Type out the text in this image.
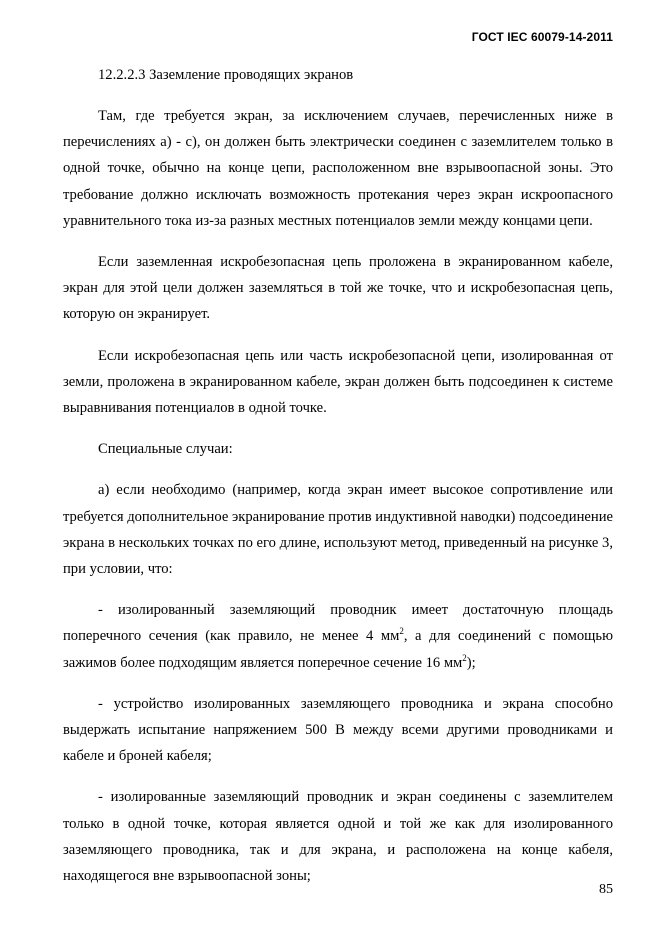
ГОСТ IEC 60079-14-2011

12.2.2.3 Заземление проводящих экранов

Там, где требуется экран, за исключением случаев, перечисленных ниже в перечислениях а) - с), он должен быть электрически соединен с заземлителем только в одной точке, обычно на конце цепи, расположенном вне взрывоопасной зоны. Это требование должно исключать возможность протекания через экран искроопасного уравнительного тока из-за разных местных потенциалов земли между концами цепи.

Если заземленная искробезопасная цепь проложена в экранированном кабеле, экран для этой цели должен заземляться в той же точке, что и искробезопасная цепь, которую он экранирует.

Если искробезопасная цепь или часть искробезопасной цепи, изолированная от земли, проложена в экранированном кабеле, экран должен быть подсоединен к системе выравнивания потенциалов в одной точке.

Специальные случаи:

а) если необходимо (например, когда экран имеет высокое сопротивление или требуется дополнительное экранирование против индуктивной наводки) подсоединение экрана в нескольких точках по его длине, используют метод, приведенный на рисунке 3, при условии, что:

- изолированный заземляющий проводник имеет достаточную площадь поперечного сечения (как правило, не менее 4 $мм^2$, а для соединений с помощью зажимов более подходящим является поперечное сечение 16 $мм^2$);

- устройство изолированных заземляющего проводника и экрана способно выдержать испытание напряжением 500 В между всеми другими проводниками и кабеле и броней кабеля;

- изолированные заземляющий проводник и экран соединены с заземлителем только в одной точке, которая является одной и той же как для изолированного заземляющего проводника, так и для экрана, и расположена на конце кабеля, находящегося вне взрывоопасной зоны;

85
